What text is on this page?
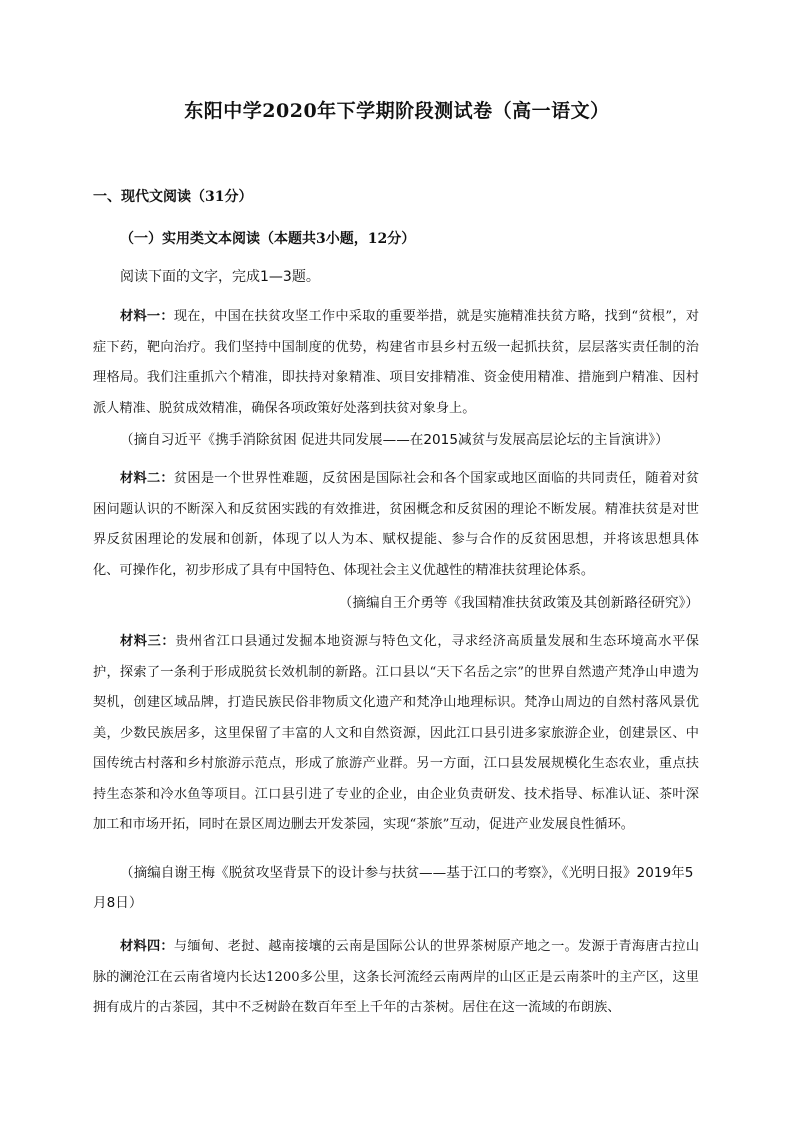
东阳中学2020年下学期阶段测试卷（高一语文）
一、现代文阅读（31分）
（一）实用类文本阅读（本题共3小题，12分）
阅读下面的文字，完成1—3题。

材料一：现在，中国在扶贫攻坚工作中采取的重要举措，就是实施精准扶贫方略，找到“贫根”，对症下药，靶向治疗。我们坚持中国制度的优势，构建省市县乡村五级一起抓扶贫，层层落实责任制的治理格局。我们注重抓六个精准，即扶持对象精准、项目安排精准、资金使用精准、措施到户精准、因村派人精准、脱贫成效精准，确保各项政策好处落到扶贫对象身上。

（摘自习近平《携手消除贫困 促进共同发展——在2015减贫与发展高层论坛的主旨演讲》）

材料二：贫困是一个世界性难题，反贫困是国际社会和各个国家或地区面临的共同责任，随着对贫困问题认识的不断深入和反贫困实践的有效推进，贫困概念和反贫困的理论不断发展。精准扶贫是对世界反贫困理论的发展和创新，体现了以人为本、赋权提能、参与合作的反贫困思想，并将该思想具体化、可操作化，初步形成了具有中国特色、体现社会主义优越性的精准扶贫理论体系。

（摘编自王介勇等《我国精准扶贫政策及其创新路径研究》）

材料三：贵州省江口县通过发掘本地资源与特色文化，寻求经济高质量发展和生态环境高水平保护，探索了一条利于形成脱贫长效机制的新路。江口县以“天下名岳之宗”的世界自然遗产梵净山申遗为契机，创建区域品牌，打造民族民俗非物质文化遗产和梵净山地理标识。梵净山周边的自然村落风景优美，少数民族居多，这里保留了丰富的人文和自然资源，因此江口县引进多家旅游企业，创建景区、中国传统古村落和乡村旅游示范点，形成了旅游产业群。另一方面，江口县发展规模化生态农业，重点扶持生态茶和冷水鱼等项目。江口县引进了专业的企业，由企业负责研发、技术指导、标准认证、茶叶深加工和市场开拓，同时在景区周边删去开发茶园，实现“茶旅”互动，促进产业发展良性循环。

（摘编自谢王梅《脱贫攻坚背景下的设计参与扶贫——基于江口的考察》，《光明日报》2019年5月8日）

材料四：与缅甸、老挝、越南接壤的云南是国际公认的世界茶树原产地之一。发源于青海唐古拉山脉的澜沧江在云南省境内长达1200多公里，这条长河流经云南两岸的山区正是云南茶叶的主产区，这里拥有成片的古茶园，其中不乏树龄在数百年至上千年的古茶树。居住在这一流域的布朗族、
